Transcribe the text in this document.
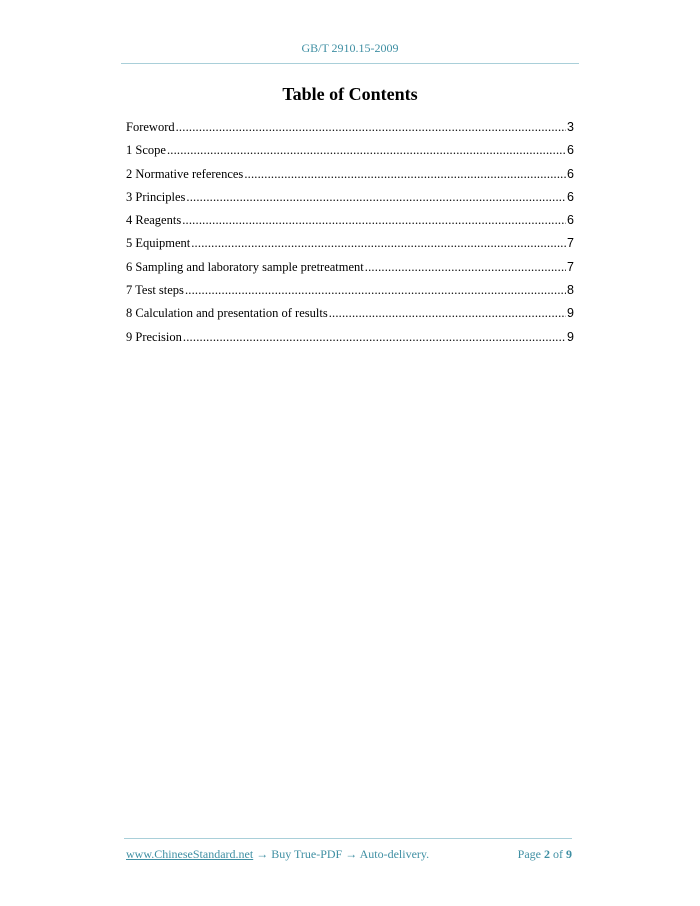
GB/T 2910.15-2009
Table of Contents
Foreword .....	3
1 Scope .....	6
2 Normative references .....	6
3 Principles .....	6
4 Reagents .....	6
5 Equipment .....	7
6 Sampling and laboratory sample pretreatment .....	7
7 Test steps .....	8
8 Calculation and presentation of results .....	9
9 Precision .....	9
www.ChineseStandard.net → Buy True-PDF → Auto-delivery.	Page 2 of 9
